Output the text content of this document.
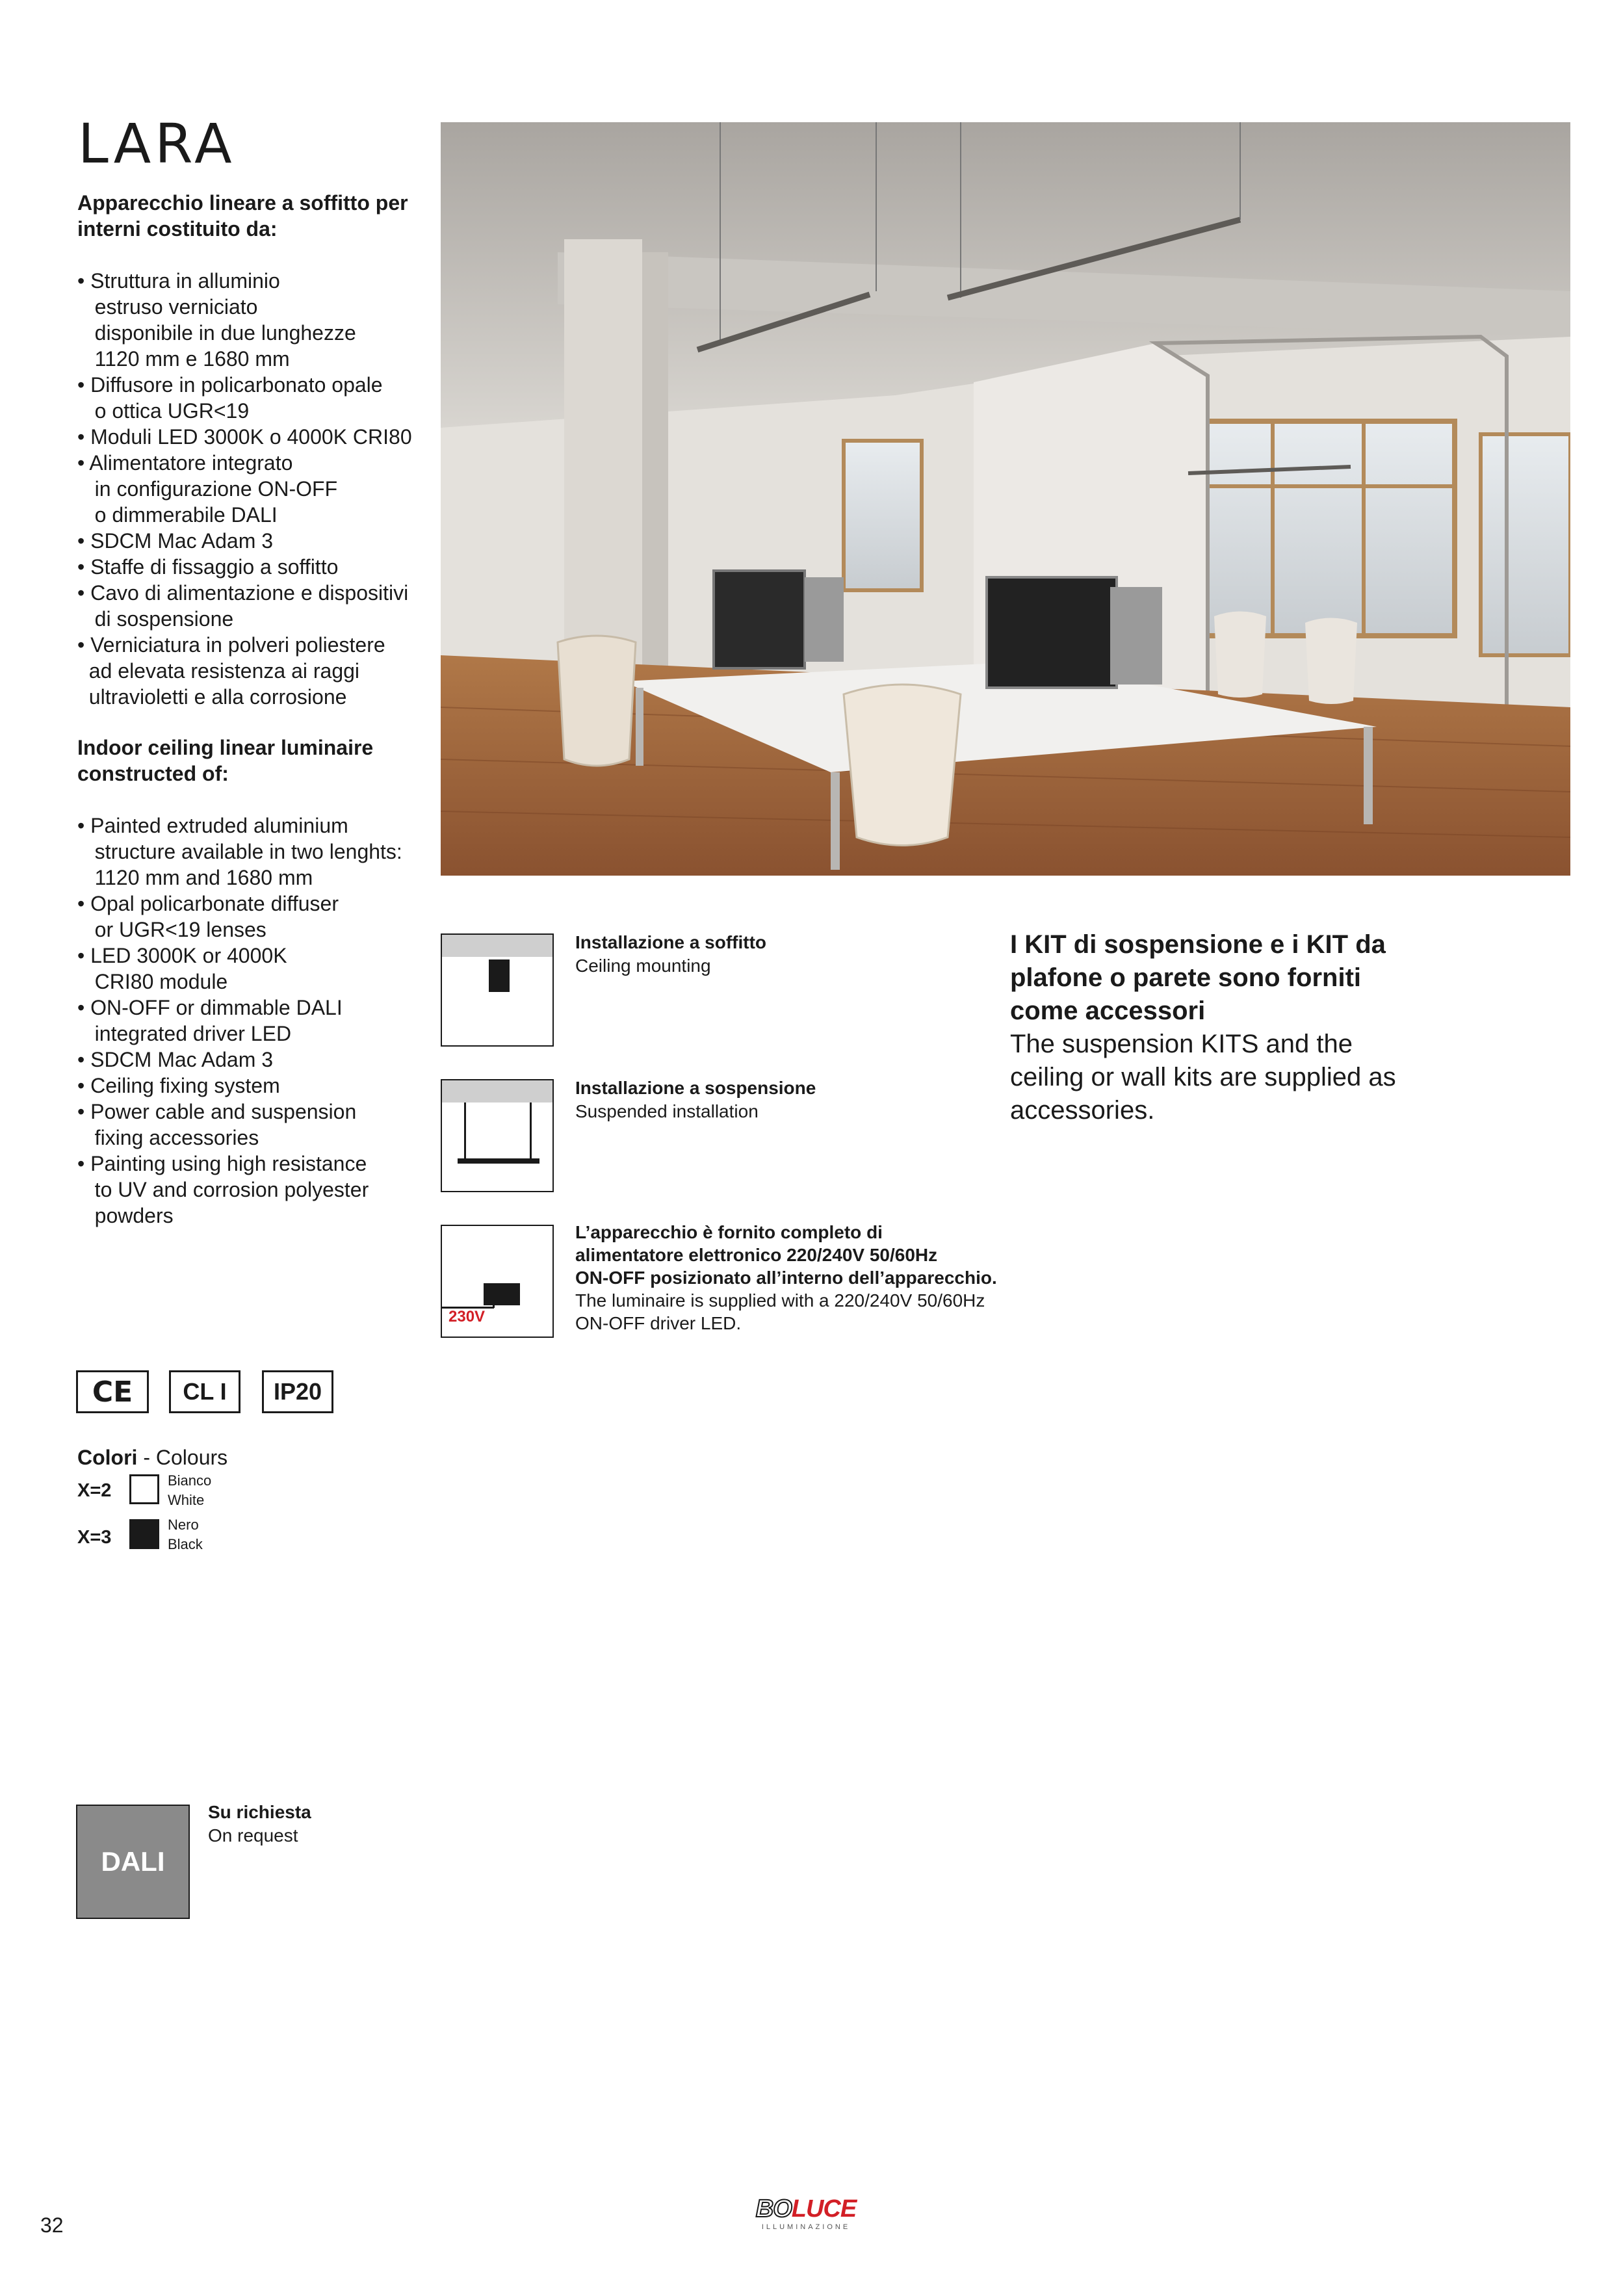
LARA
Apparecchio lineare a soffitto per interni costituito da:
• Struttura in alluminio
estruso verniciato
disponibile in due lunghezze
1120 mm e 1680 mm
• Diffusore in policarbonato opale
o ottica UGR<19
• Moduli LED 3000K o 4000K CRI80
• Alimentatore integrato
in configurazione ON-OFF
o dimmerabile DALI
• SDCM Mac Adam 3
• Staffe di fissaggio a soffitto
• Cavo di alimentazione e dispositivi
di sospensione
• Verniciatura in polveri poliestere
ad elevata resistenza ai raggi
ultravioletti e alla corrosione
Indoor ceiling linear luminaire constructed of:
• Painted extruded aluminium
structure available in two lenghts:
1120 mm and 1680 mm
• Opal policarbonate diffuser
or UGR<19 lenses
• LED 3000K or 4000K
CRI80 module
• ON-OFF or dimmable DALI
integrated driver LED
• SDCM Mac Adam 3
• Ceiling fixing system
• Power cable and suspension
fixing accessories
• Painting using high resistance
to UV and corrosion polyester
powders
Installazione a soffitto
Ceiling mounting
Installazione a sospensione
Suspended installation
230V
L’apparecchio è fornito completo di
alimentatore elettronico 220/240V 50/60Hz
ON-OFF posizionato all’interno dell’apparecchio.
The luminaire is supplied with a 220/240V 50/60Hz
ON-OFF driver LED.
I KIT di sospensione e i KIT da
plafone o parete sono forniti
come accessori
The suspension KITS and the
ceiling or wall kits are supplied as
accessories.
CE	CL I	IP20
Colori - Colours
X=2	Bianco
White
X=3
Nero
Black
DALI
Su richiesta
On request
32
BOLUCE
ILLUMINAZIONE
